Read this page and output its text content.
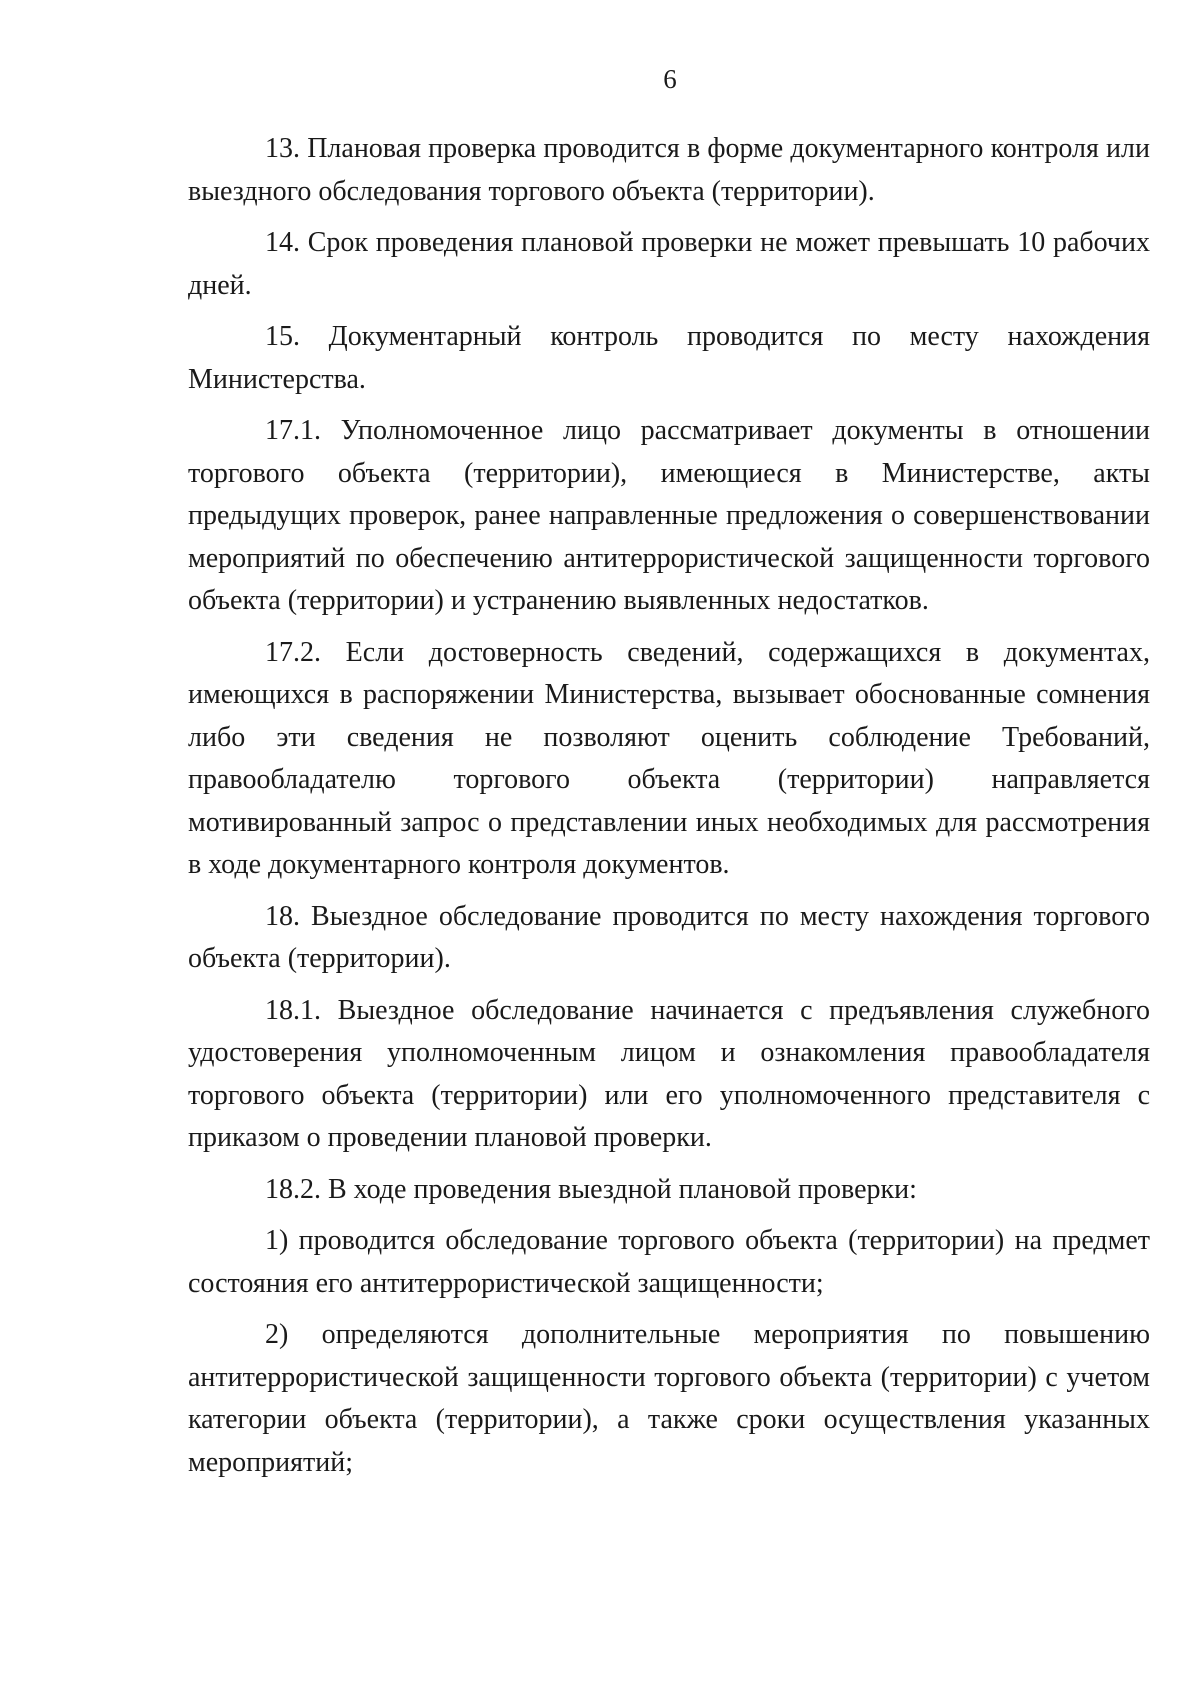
6

13. Плановая проверка проводится в форме документарного контроля или выездного обследования торгового объекта (территории).

14. Срок проведения плановой проверки не может превышать 10 рабочих дней.

15. Документарный контроль проводится по месту нахождения Министерства.

17.1. Уполномоченное лицо рассматривает документы в отношении торгового объекта (территории), имеющиеся в Министерстве, акты предыдущих проверок, ранее направленные предложения о совершенствовании мероприятий по обеспечению антитеррористической защищенности торгового объекта (территории) и устранению выявленных недостатков.

17.2. Если достоверность сведений, содержащихся в документах, имеющихся в распоряжении Министерства, вызывает обоснованные сомнения либо эти сведения не позволяют оценить соблюдение Требований, правообладателю торгового объекта (территории) направляется мотивированный запрос о представлении иных необходимых для рассмотрения в ходе документарного контроля документов.

18. Выездное обследование проводится по месту нахождения торгового объекта (территории).

18.1. Выездное обследование начинается с предъявления служебного удостоверения уполномоченным лицом и ознакомления правообладателя торгового объекта (территории) или его уполномоченного представителя с приказом о проведении плановой проверки.

18.2. В ходе проведения выездной плановой проверки:

1) проводится обследование торгового объекта (территории) на предмет состояния его антитеррористической защищенности;

2) определяются дополнительные мероприятия по повышению антитеррористической защищенности торгового объекта (территории) с учетом категории объекта (территории), а также сроки осуществления указанных мероприятий;
